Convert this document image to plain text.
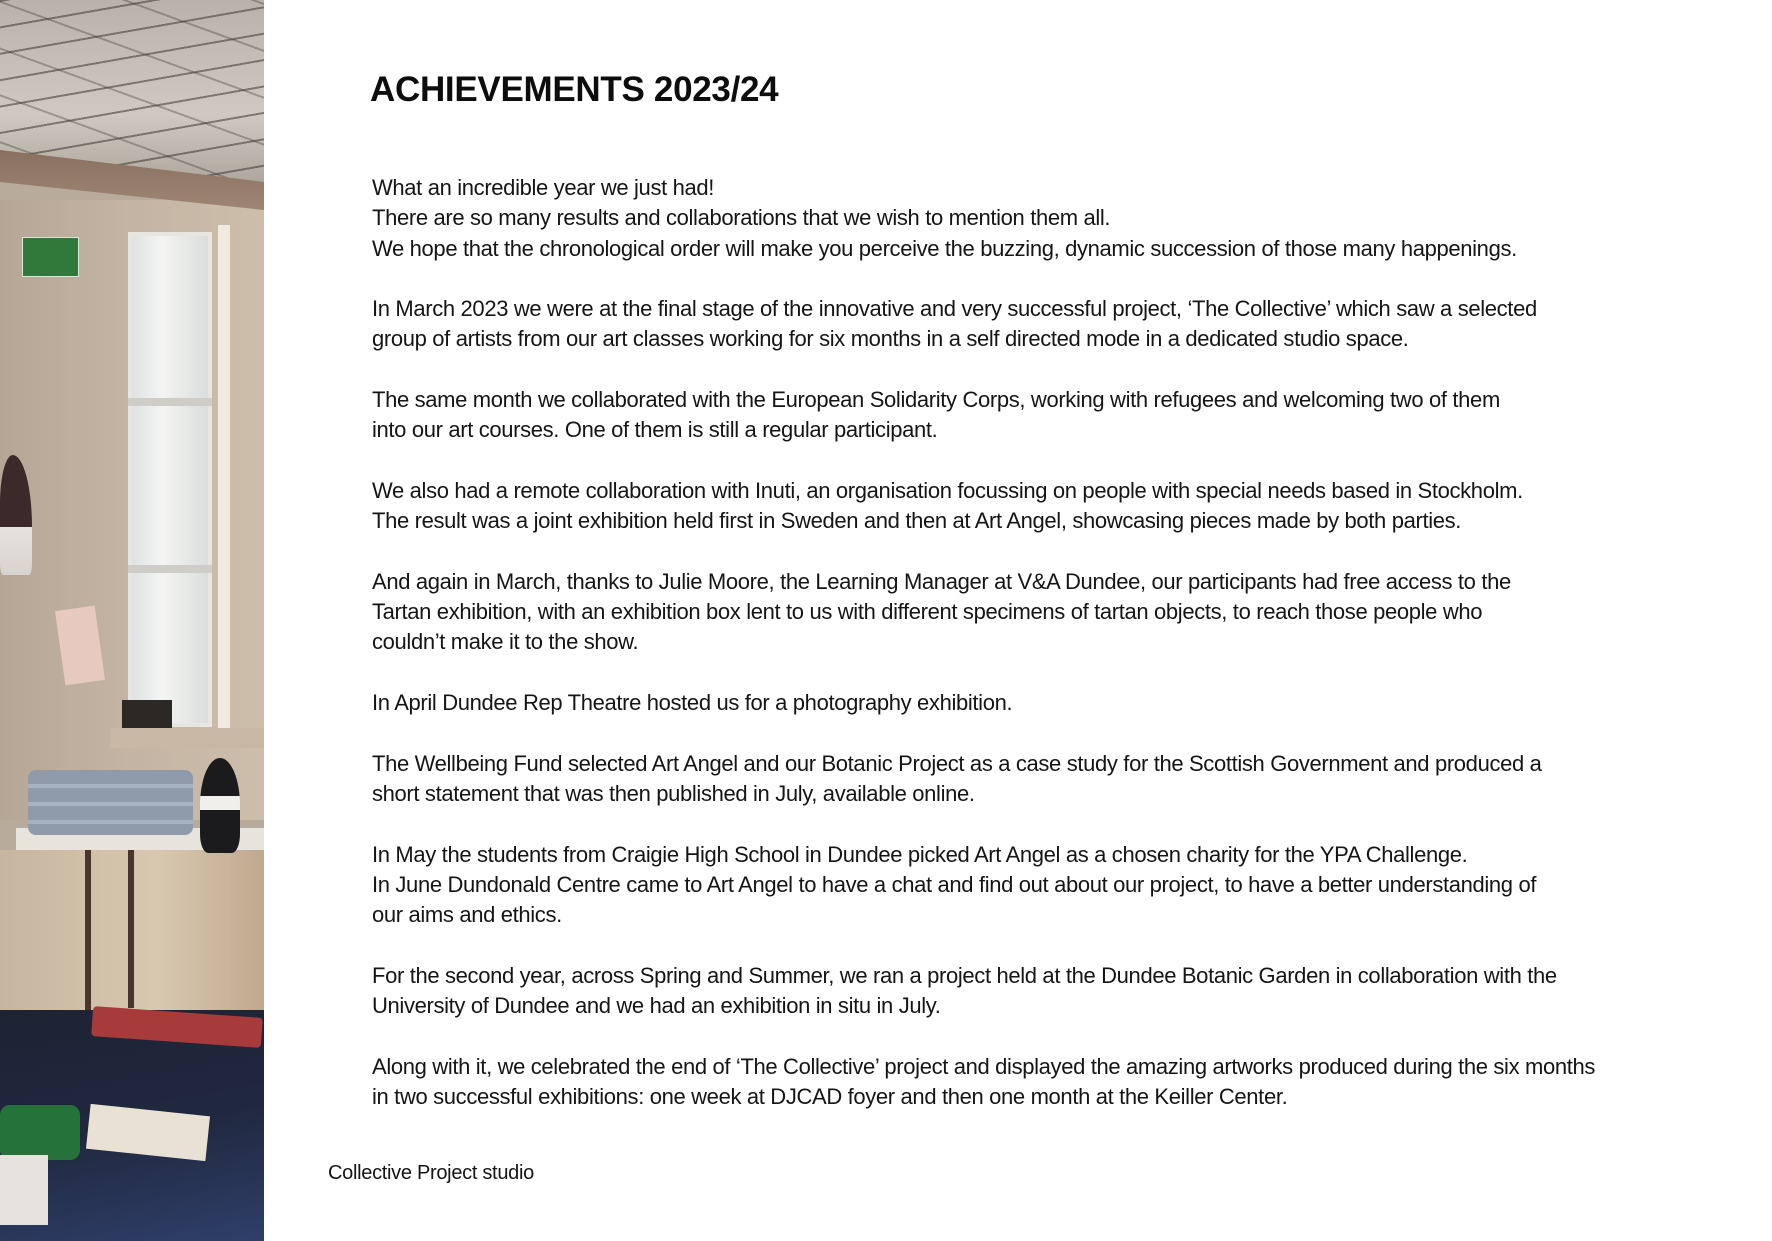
ACHIEVEMENTS 2023/24

What an incredible year we just had!
There are so many results and collaborations that we wish to mention them all.
We hope that the chronological order will make you perceive the buzzing, dynamic succession of those many happenings.

In March 2023 we were at the final stage of the innovative and very successful project, ‘The Collective’ which saw a selected
group of artists from our art classes working for six months in a self directed mode in a dedicated studio space.

The same month we collaborated with the European Solidarity Corps, working with refugees and welcoming two of them
into our art courses. One of them is still a regular participant.

We also had a remote collaboration with Inuti, an organisation focussing on people with special needs based in Stockholm.
The result was a joint exhibition held first in Sweden and then at Art Angel, showcasing pieces made by both parties.

And again in March, thanks to Julie Moore, the Learning Manager at V&A Dundee, our participants had free access to the
Tartan exhibition, with an exhibition box lent to us with different specimens of tartan objects, to reach those people who
couldn’t make it to the show.

In April Dundee Rep Theatre hosted us for a photography exhibition.

The Wellbeing Fund selected Art Angel and our Botanic Project as a case study for the Scottish Government and produced a
short statement that was then published in July, available online.

In May the students from Craigie High School in Dundee picked Art Angel as a chosen charity for the YPA Challenge.
In June Dundonald Centre came to Art Angel to have a chat and find out about our project, to have a better understanding of
our aims and ethics.

For the second year, across Spring and Summer, we ran a project held at the Dundee Botanic Garden in collaboration with the
University of Dundee and we had an exhibition in situ in July.

Along with it, we celebrated the end of ‘The Collective’ project and displayed the amazing artworks produced during the six months
in two successful exhibitions: one week at DJCAD foyer and then one month at the Keiller Center.

Collective Project studio
